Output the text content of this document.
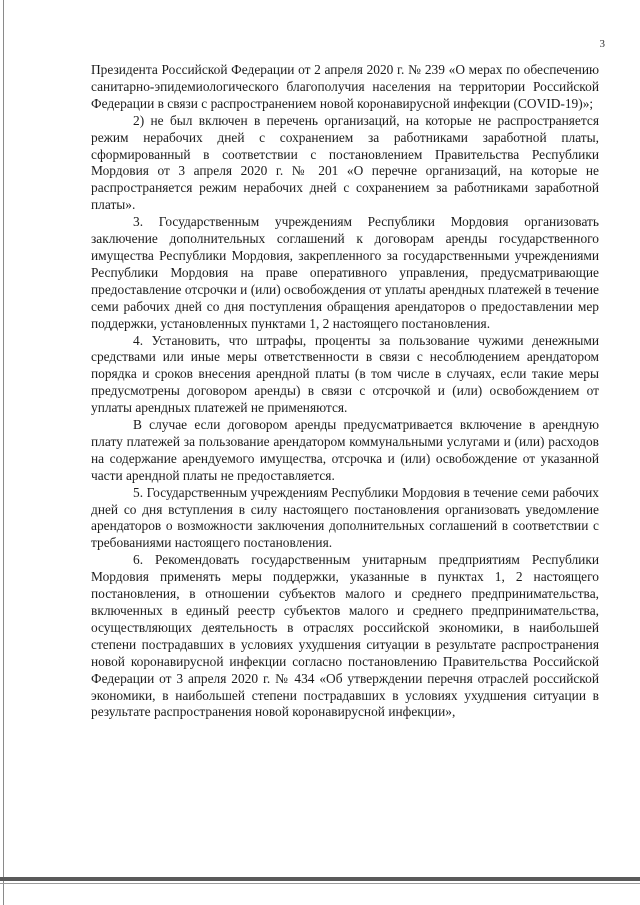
3

Президента Российской Федерации от 2 апреля 2020 г. № 239 «О мерах по обеспечению санитарно-эпидемиологического благополучия населения на территории Российской Федерации в связи с распространением новой коронавирусной инфекции (COVID-19)»;

2) не был включен в перечень организаций, на которые не распространяется режим нерабочих дней с сохранением за работниками заработной платы, сформированный в соответствии с постановлением Правительства Республики Мордовия от 3 апреля 2020 г. № 201 «О перечне организаций, на которые не распространяется режим нерабочих дней с сохранением за работниками заработной платы».

3. Государственным учреждениям Республики Мордовия организовать заключение дополнительных соглашений к договорам аренды государственного имущества Республики Мордовия, закрепленного за государственными учреждениями Республики Мордовия на праве оперативного управления, предусматривающие предоставление отсрочки и (или) освобождения от уплаты арендных платежей в течение семи рабочих дней со дня поступления обращения арендаторов о предоставлении мер поддержки, установленных пунктами 1, 2 настоящего постановления.

4. Установить, что штрафы, проценты за пользование чужими денежными средствами или иные меры ответственности в связи с несоблюдением арендатором порядка и сроков внесения арендной платы (в том числе в случаях, если такие меры предусмотрены договором аренды) в связи с отсрочкой и (или) освобождением от уплаты арендных платежей не применяются.

В случае если договором аренды предусматривается включение в арендную плату платежей за пользование арендатором коммунальными услугами и (или) расходов на содержание арендуемого имущества, отсрочка и (или) освобождение от указанной части арендной платы не предоставляется.

5. Государственным учреждениям Республики Мордовия в течение семи рабочих дней со дня вступления в силу настоящего постановления организовать уведомление арендаторов о возможности заключения дополнительных соглашений в соответствии с требованиями настоящего постановления.

6. Рекомендовать государственным унитарным предприятиям Республики Мордовия применять меры поддержки, указанные в пунктах 1, 2 настоящего постановления, в отношении субъектов малого и среднего предпринимательства, включенных в единый реестр субъектов малого и среднего предпринимательства, осуществляющих деятельность в отраслях российской экономики, в наибольшей степени пострадавших в условиях ухудшения ситуации в результате распространения новой коронавирусной инфекции согласно постановлению Правительства Российской Федерации от 3 апреля 2020 г. № 434 «Об утверждении перечня отраслей российской экономики, в наибольшей степени пострадавших в условиях ухудшения ситуации в результате распространения новой коронавирусной инфекции»,
